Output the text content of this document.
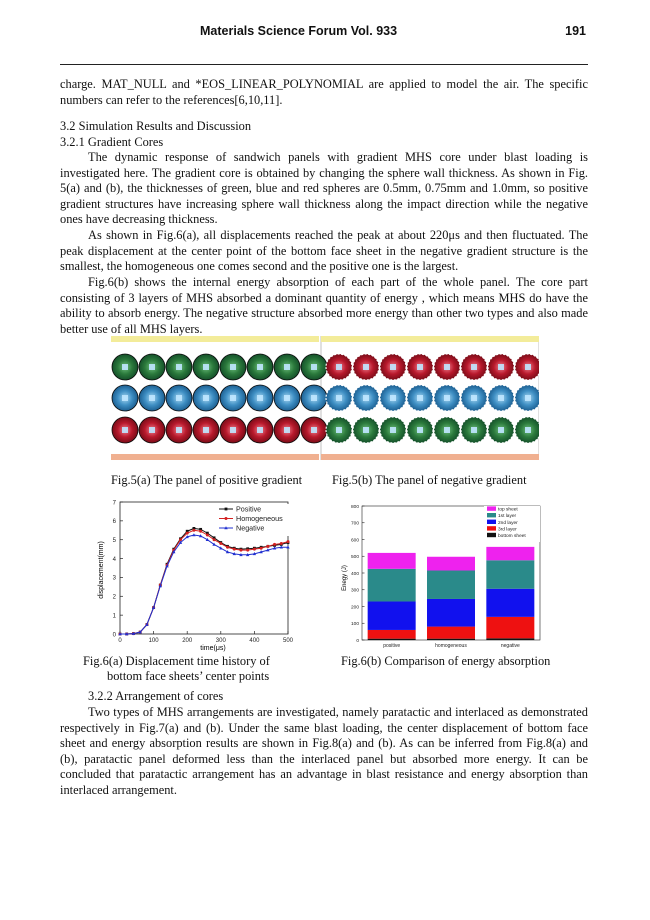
Materials Science Forum Vol. 933	191

charge. MAT_NULL and *EOS_LINEAR_POLYNOMIAL are applied to model the air. The specific numbers can refer to the references[6,10,11].

3.2 Simulation Results and Discussion

3.2.1 Gradient Cores

The dynamic response of sandwich panels with gradient MHS core under blast loading is investigated here. The gradient core is obtained by changing the sphere wall thickness. As shown in Fig. 5(a) and (b), the thicknesses of green, blue and red spheres are 0.5mm, 0.75mm and 1.0mm, so positive gradient structures have increasing sphere wall thickness along the impact direction while the negative ones have decreasing thickness.

As shown in Fig.6(a), all displacements reached the peak at about 220μs and then fluctuated. The peak displacement at the center point of the bottom face sheet in the negative gradient structure is the smallest, the homogeneous one comes second and the positive one is the largest.

Fig.6(b) shows the internal energy absorption of each part of the whole panel. The core part consisting of 3 layers of MHS absorbed a dominant quantity of energy , which means MHS do have the ability to absorb energy. The negative structure absorbed more energy than other two types and also made better use of all MHS layers.

Fig.5(a) The panel of positive gradient Fig.5(b) The panel of negative gradient

0
1
2
3
4
5
6
7
0	100	200	300	400	500
Positive
Homogeneous
Negative
time(μs)
displacement(mm)
0
100
200
300
400
500
600
700
800
positive	homogeneous	negative
top sheet
1st layer
2nd layer
3rd layer
bottom sheet
Enegy (J)

Fig.6(a) Displacement time history of

bottom face sheets’ center points

Fig.6(b) Comparison of energy absorption

3.2.2 Arrangement of cores

Two types of MHS arrangements are investigated, namely paratactic and interlaced as demonstrated respectively in Fig.7(a) and (b). Under the same blast loading, the center displacement of bottom face sheet and energy absorption results are shown in Fig.8(a) and (b). As can be inferred from Fig.8(a) and (b), paratactic panel deformed less than the interlaced panel but absorbed more energy. It can be concluded that paratactic arrangement has an advantage in blast resistance and energy absorption than interlaced arrangement.
